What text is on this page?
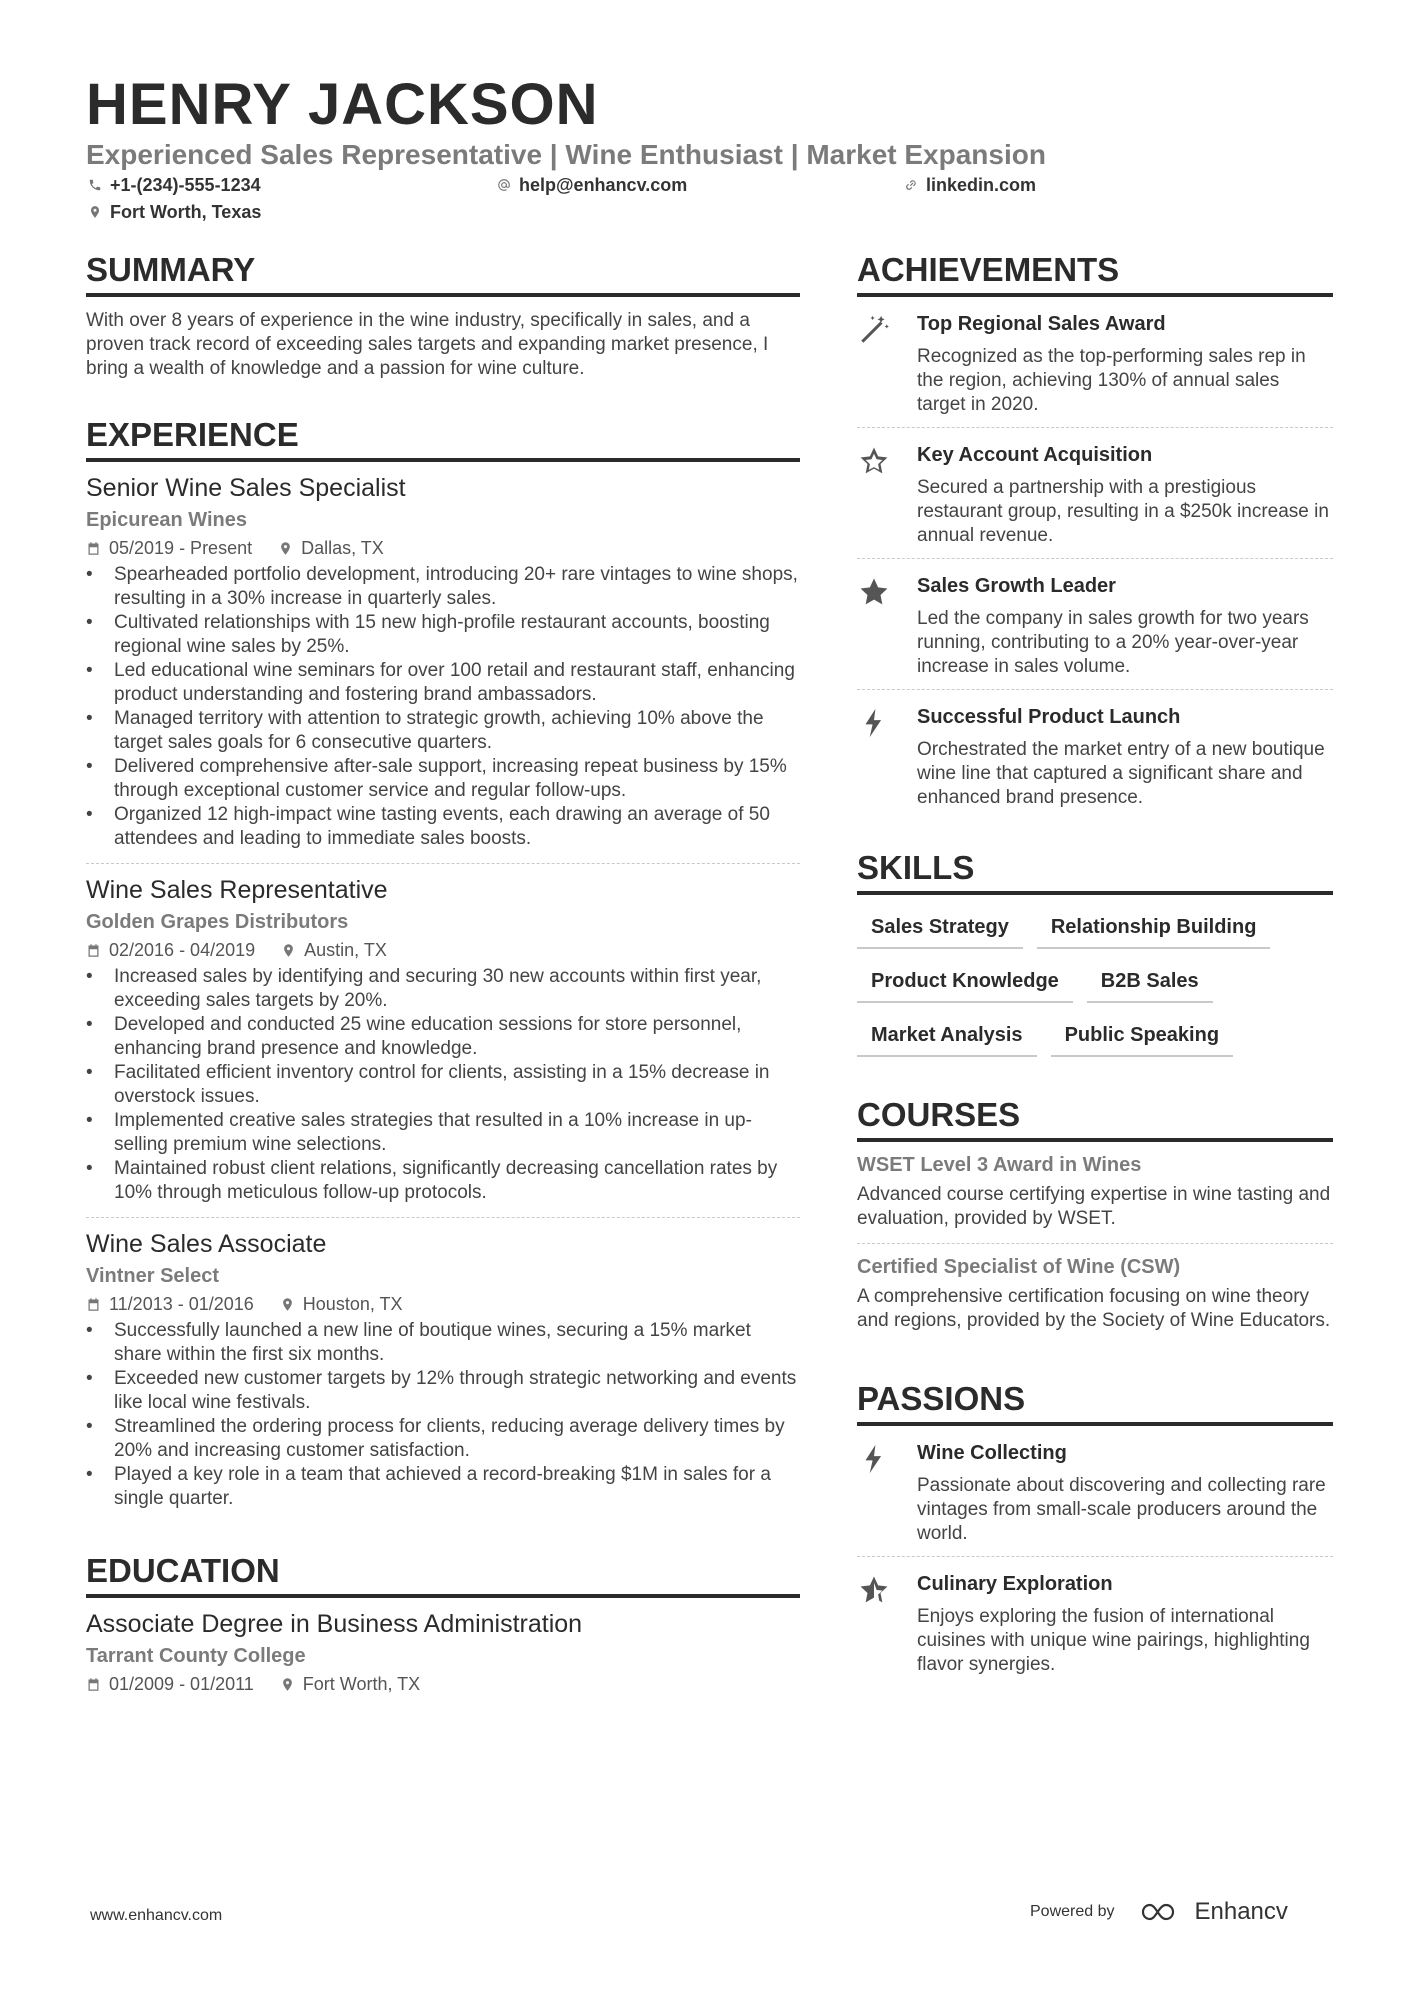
HENRY JACKSON
Experienced Sales Representative | Wine Enthusiast | Market Expansion
+1-(234)-555-1234	help@enhancv.com	linkedin.com
Fort Worth, Texas
SUMMARY

With over 8 years of experience in the wine industry, specifically in sales, and a proven track record of exceeding sales targets and expanding market presence, I bring a wealth of knowledge and a passion for wine culture.

EXPERIENCE
Senior Wine Sales Specialist
Epicurean Wines
05/2019 - Present	Dallas, TX
• Spearheaded portfolio development, introducing 20+ rare vintages to wine shops, resulting in a 30% increase in quarterly sales.
• Cultivated relationships with 15 new high-profile restaurant accounts, boosting regional wine sales by 25%.
• Led educational wine seminars for over 100 retail and restaurant staff, enhancing product understanding and fostering brand ambassadors.
• Managed territory with attention to strategic growth, achieving 10% above the target sales goals for 6 consecutive quarters.
• Delivered comprehensive after-sale support, increasing repeat business by 15% through exceptional customer service and regular follow-ups.
• Organized 12 high-impact wine tasting events, each drawing an average of 50 attendees and leading to immediate sales boosts.
Wine Sales Representative
Golden Grapes Distributors
02/2016 - 04/2019	Austin, TX
• Increased sales by identifying and securing 30 new accounts within first year, exceeding sales targets by 20%.
• Developed and conducted 25 wine education sessions for store personnel, enhancing brand presence and knowledge.
• Facilitated efficient inventory control for clients, assisting in a 15% decrease in overstock issues.
• Implemented creative sales strategies that resulted in a 10% increase in up-selling premium wine selections.
• Maintained robust client relations, significantly decreasing cancellation rates by 10% through meticulous follow-up protocols.
Wine Sales Associate
Vintner Select
11/2013 - 01/2016	Houston, TX
• Successfully launched a new line of boutique wines, securing a 15% market share within the first six months.
• Exceeded new customer targets by 12% through strategic networking and events like local wine festivals.
• Streamlined the ordering process for clients, reducing average delivery times by 20% and increasing customer satisfaction.
• Played a key role in a team that achieved a record-breaking $1M in sales for a single quarter.
EDUCATION
Associate Degree in Business Administration
Tarrant County College
01/2009 - 01/2011	Fort Worth, TX
ACHIEVEMENTS
Top Regional Sales Award
Recognized as the top-performing sales rep in the region, achieving 130% of annual sales target in 2020.
Key Account Acquisition
Secured a partnership with a prestigious restaurant group, resulting in a $250k increase in annual revenue.
Sales Growth Leader
Led the company in sales growth for two years running, contributing to a 20% year-over-year increase in sales volume.
Successful Product Launch
Orchestrated the market entry of a new boutique wine line that captured a significant share and enhanced brand presence.
SKILLS
Sales Strategy	Relationship Building
Product Knowledge	B2B Sales
Market Analysis	Public Speaking
COURSES
WSET Level 3 Award in Wines
Advanced course certifying expertise in wine tasting and evaluation, provided by WSET.
Certified Specialist of Wine (CSW)
A comprehensive certification focusing on wine theory and regions, provided by the Society of Wine Educators.
PASSIONS
Wine Collecting
Passionate about discovering and collecting rare vintages from small-scale producers around the world.
Culinary Exploration
Enjoys exploring the fusion of international cuisines with unique wine pairings, highlighting flavor synergies.
www.enhancv.com	Powered by	Enhancv
